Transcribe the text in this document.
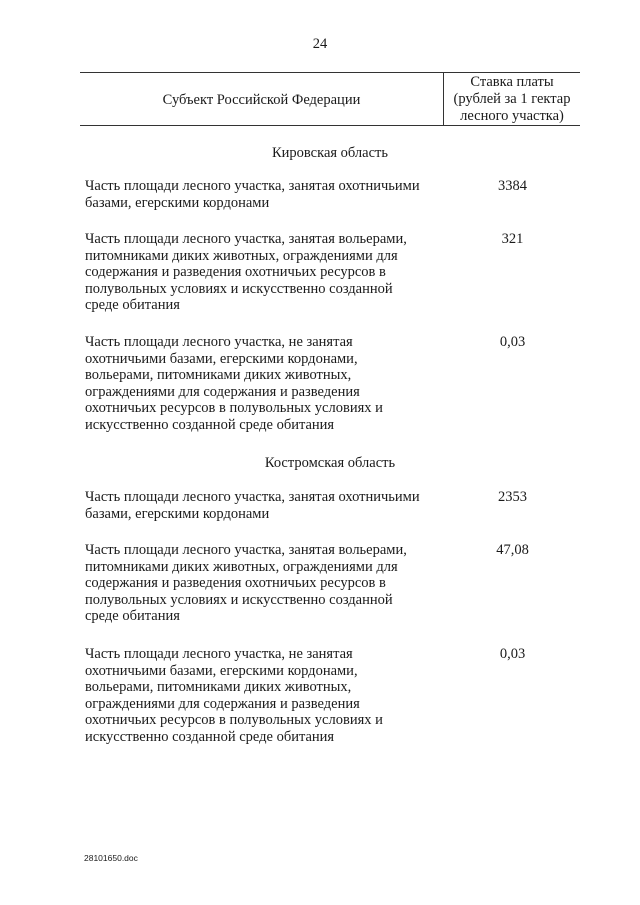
24
Субъект Российской Федерации
Ставка платы
(рублей за 1 гектар
лесного участка)
Кировская область
Часть площади лесного участка, занятая охотничьими
базами, егерскими кордонами
3384
Часть площади лесного участка, занятая вольерами,
питомниками диких животных, ограждениями для
содержания и разведения охотничьих ресурсов в
полувольных условиях и искусственно созданной
среде обитания
321
Часть площади лесного участка, не занятая
охотничьими базами, егерскими кордонами,
вольерами, питомниками диких животных,
ограждениями для содержания и разведения
охотничьих ресурсов в полувольных условиях и
искусственно созданной среде обитания
0,03
Костромская область
Часть площади лесного участка, занятая охотничьими
базами, егерскими кордонами
2353
Часть площади лесного участка, занятая вольерами,
питомниками диких животных, ограждениями для
содержания и разведения охотничьих ресурсов в
полувольных условиях и искусственно созданной
среде обитания
47,08
Часть площади лесного участка, не занятая
охотничьими базами, егерскими кордонами,
вольерами, питомниками диких животных,
ограждениями для содержания и разведения
охотничьих ресурсов в полувольных условиях и
искусственно созданной среде обитания
0,03
28101650.doc
